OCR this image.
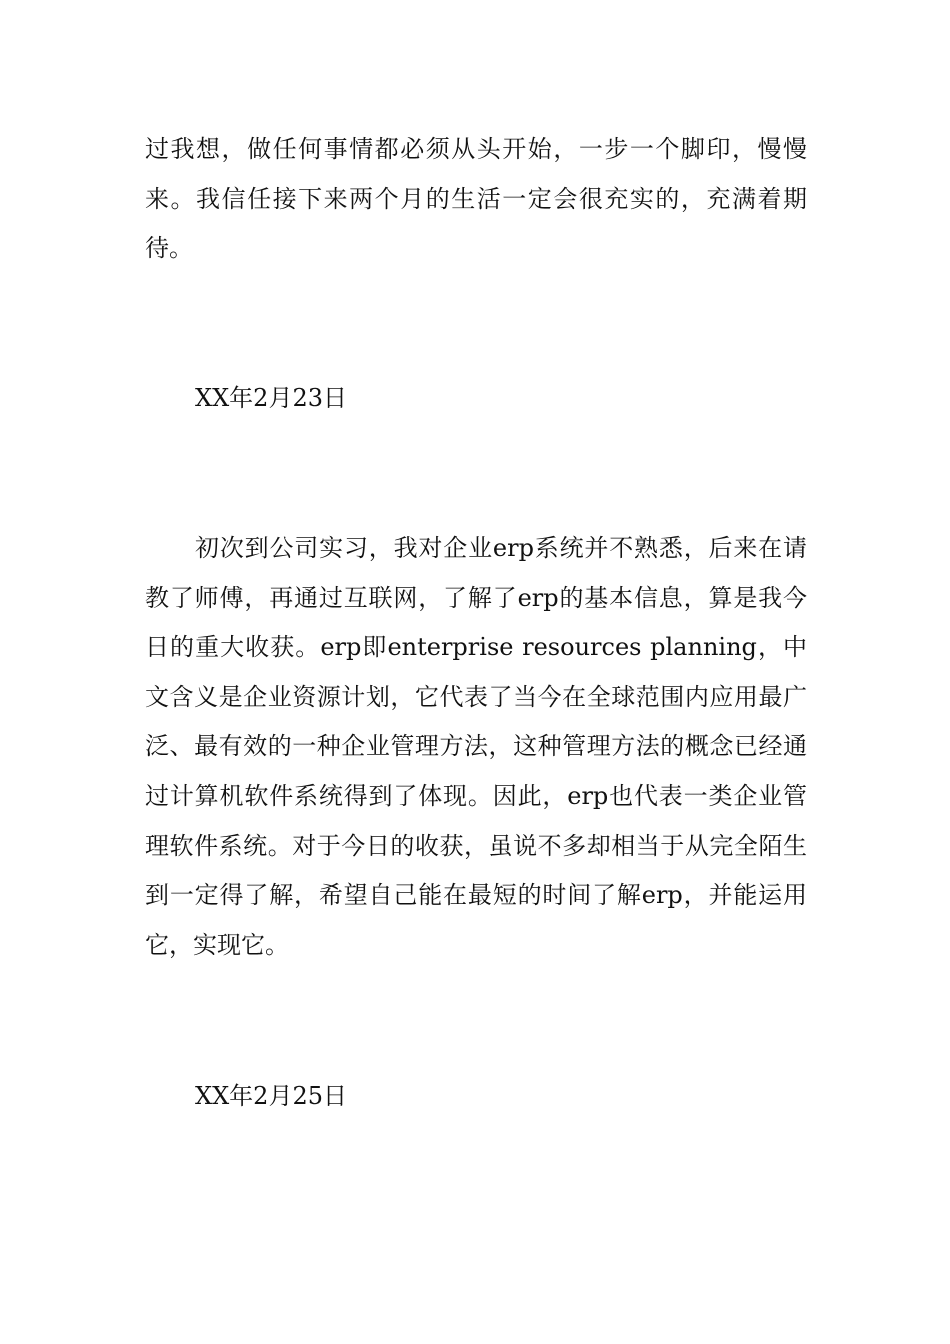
过我想，做任何事情都必须从头开始，一步一个脚印，慢慢来。我信任接下来两个月的生活一定会很充实的，充满着期待。

XX年2月23日

初次到公司实习，我对企业erp系统并不熟悉，后来在请教了师傅，再通过互联网，了解了erp的基本信息，算是我今日的重大收获。erp即enterprise resources planning，中文含义是企业资源计划，它代表了当今在全球范围内应用最广泛、最有效的一种企业管理方法，这种管理方法的概念已经通过计算机软件系统得到了体现。因此，erp也代表一类企业管理软件系统。对于今日的收获，虽说不多却相当于从完全陌生到一定得了解，希望自己能在最短的时间了解erp，并能运用它，实现它。

XX年2月25日
